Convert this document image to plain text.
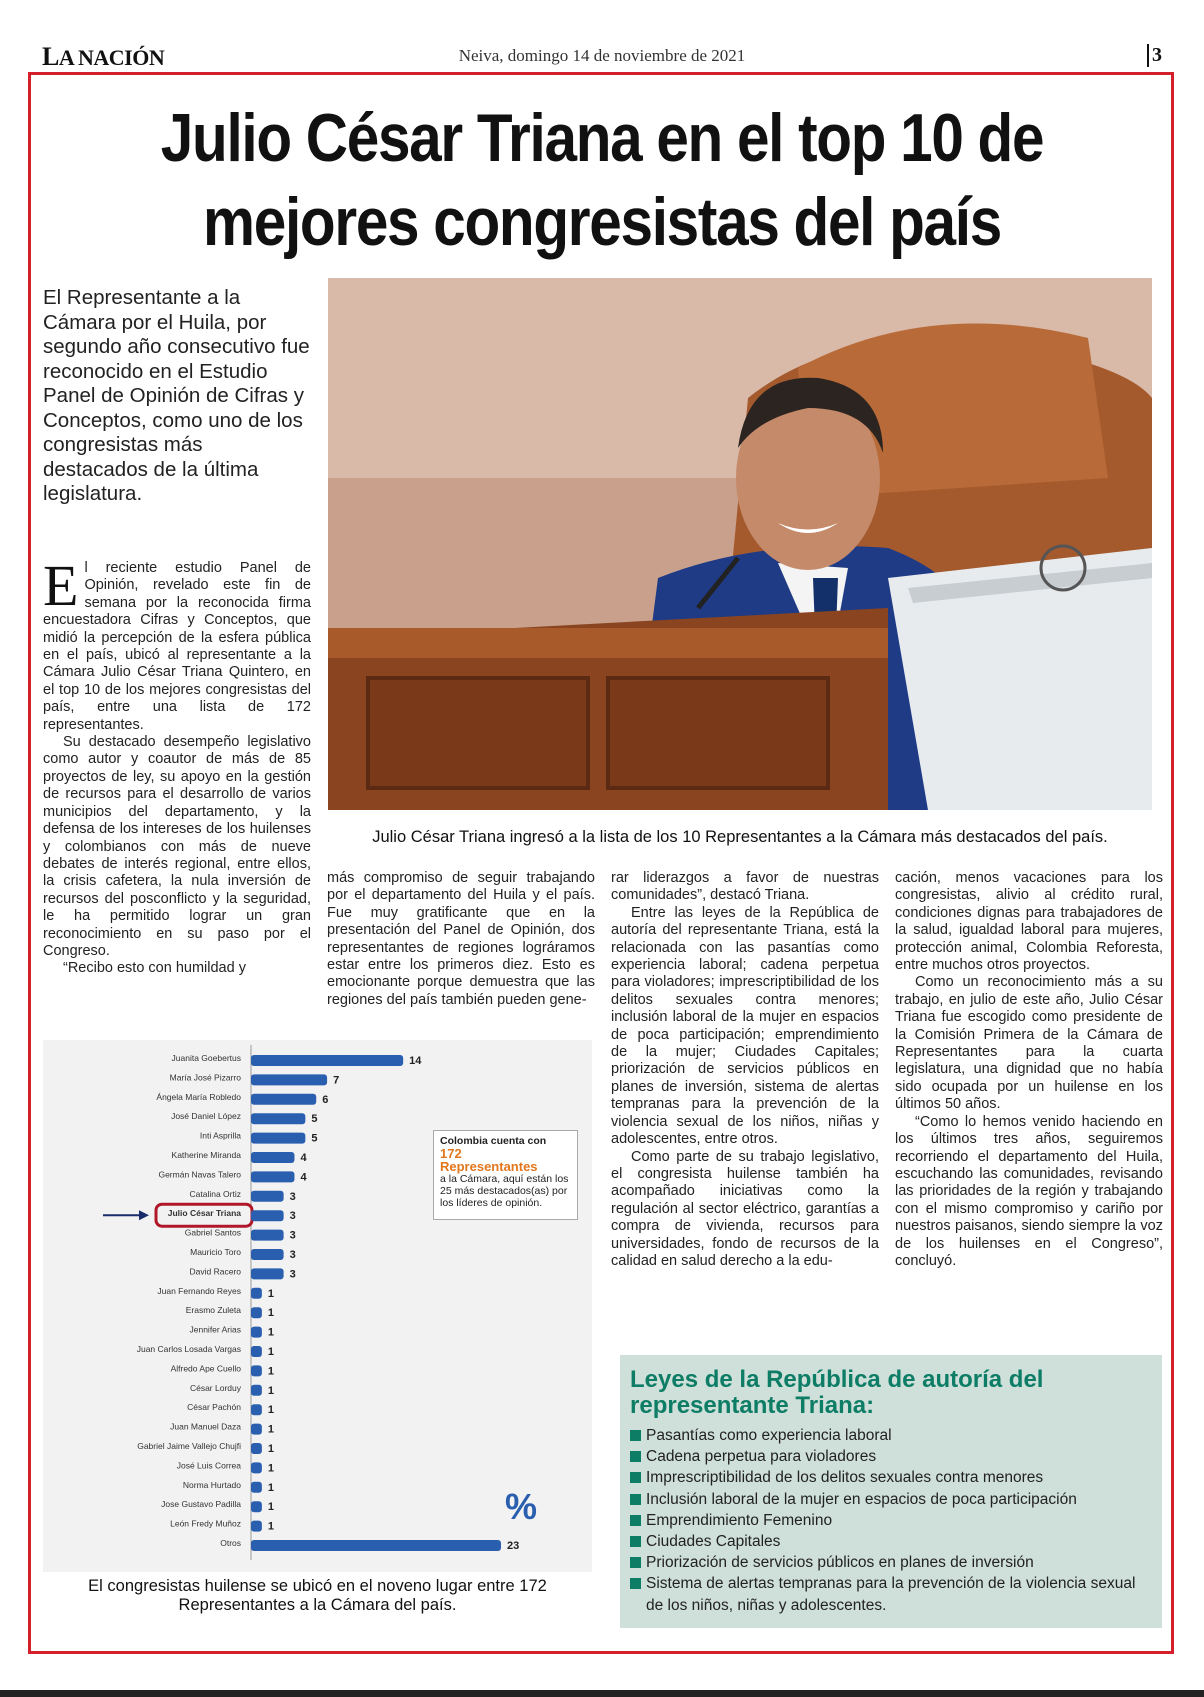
LA NACIÓN	Neiva, domingo 14 de noviembre de 2021	3
Julio César Triana en el top 10 de mejores congresistas del país
El Representante a la Cámara por el Huila, por segundo año consecutivo fue reconocido en el Estudio Panel de Opinión de Cifras y Conceptos, como uno de los congresistas más destacados de la última legislatura.
Julio César Triana ingresó a la lista de los 10 Representantes a la Cámara más destacados del país.

El reciente estudio Panel de Opinión, revelado este fin de semana por la reconocida firma encuestadora Cifras y Conceptos, que midió la percepción de la esfera pública en el país, ubicó al representante a la Cámara Julio César Triana Quintero, en el top 10 de los mejores congresistas del país, entre una lista de 172 representantes.

Su destacado desempeño legislativo como autor y coautor de más de 85 proyectos de ley, su apoyo en la gestión de recursos para el desarrollo de varios municipios del departamento, y la defensa de los intereses de los huilenses y colombianos con más de nueve debates de interés regional, entre ellos, la crisis cafetera, la nula inversión de recursos del posconflicto y la seguridad, le ha permitido lograr un gran reconocimiento en su paso por el Congreso.

“Recibo esto con humildad y

más compromiso de seguir trabajando por el departamento del Huila y el país. Fue muy gratificante que en la presentación del Panel de Opinión, dos representantes de regiones lográramos estar entre los primeros diez. Esto es emocionante porque demuestra que las regiones del país también pueden gene-

rar liderazgos a favor de nuestras comunidades”, destacó Triana.

Entre las leyes de la República de autoría del representante Triana, está la relacionada con las pasantías como experiencia laboral; cadena perpetua para violadores; imprescriptibilidad de los delitos sexuales contra menores; inclusión laboral de la mujer en espacios de poca participación; emprendimiento de la mujer; Ciudades Capitales; priorización de servicios públicos en planes de inversión, sistema de alertas tempranas para la prevención de la violencia sexual de los niños, niñas y adolescentes, entre otros.

Como parte de su trabajo legislativo, el congresista huilense también ha acompañado iniciativas como la regulación al sector eléctrico, garantías a compra de vivienda, recursos para universidades, fondo de recursos de la calidad en salud derecho a la edu-

cación, menos vacaciones para los congresistas, alivio al crédito rural, condiciones dignas para trabajadores de la salud, igualdad laboral para mujeres, protección animal, Colombia Reforesta, entre muchos otros proyectos.

Como un reconocimiento más a su trabajo, en julio de este año, Julio César Triana fue escogido como presidente de la Comisión Primera de la Cámara de Representantes para la cuarta legislatura, una dignidad que no había sido ocupada por un huilense en los últimos 50 años.

“Como lo hemos venido haciendo en los últimos tres años, seguiremos recorriendo el departamento del Huila, escuchando las comunidades, revisando las prioridades de la región y trabajando con el mismo compromiso y cariño por nuestros paisanos, siendo siempre la voz de los huilenses en el Congreso”, concluyó.

Juanita Goebertus	14
María José Pizarro	7
Ángela María Robledo	6
José Daniel López	5
Inti Asprilla	5
Katherine Miranda	4
Germán Navas Talero	4
Catalina Ortiz	3
Julio César Triana	3
Gabriel Santos	3
Mauricio Toro	3
David Racero	3
Juan Fernando Reyes 1
Erasmo Zuleta 1
Jennifer Arias 1
Juan Carlos Losada Vargas 1
Alfredo Ape Cuello 1
César Lorduy 1
César Pachón 1
Juan Manuel Daza 1
Gabriel Jaime Vallejo Chujfi 1
José Luis Correa 1
Norma Hurtado 1
Jose Gustavo Padilla 1
León Fredy Muñoz 1
Otros	23
Colombia cuenta con
172
Representantes
a la Cámara, aquí están los 25 más destacados(as) por los líderes de opinión.
%
El congresistas huilense se ubicó en el noveno lugar entre 172 Representantes a la Cámara del país.
Leyes de la República de autoría del representante Triana:
Pasantías como experiencia laboral
Cadena perpetua para violadores
Imprescriptibilidad de los delitos sexuales contra menores
Inclusión laboral de la mujer en espacios de poca participación
Emprendimiento Femenino
Ciudades Capitales
Priorización de servicios públicos en planes de inversión
Sistema de alertas tempranas para la prevención de la violencia sexual de los niños, niñas y adolescentes.
